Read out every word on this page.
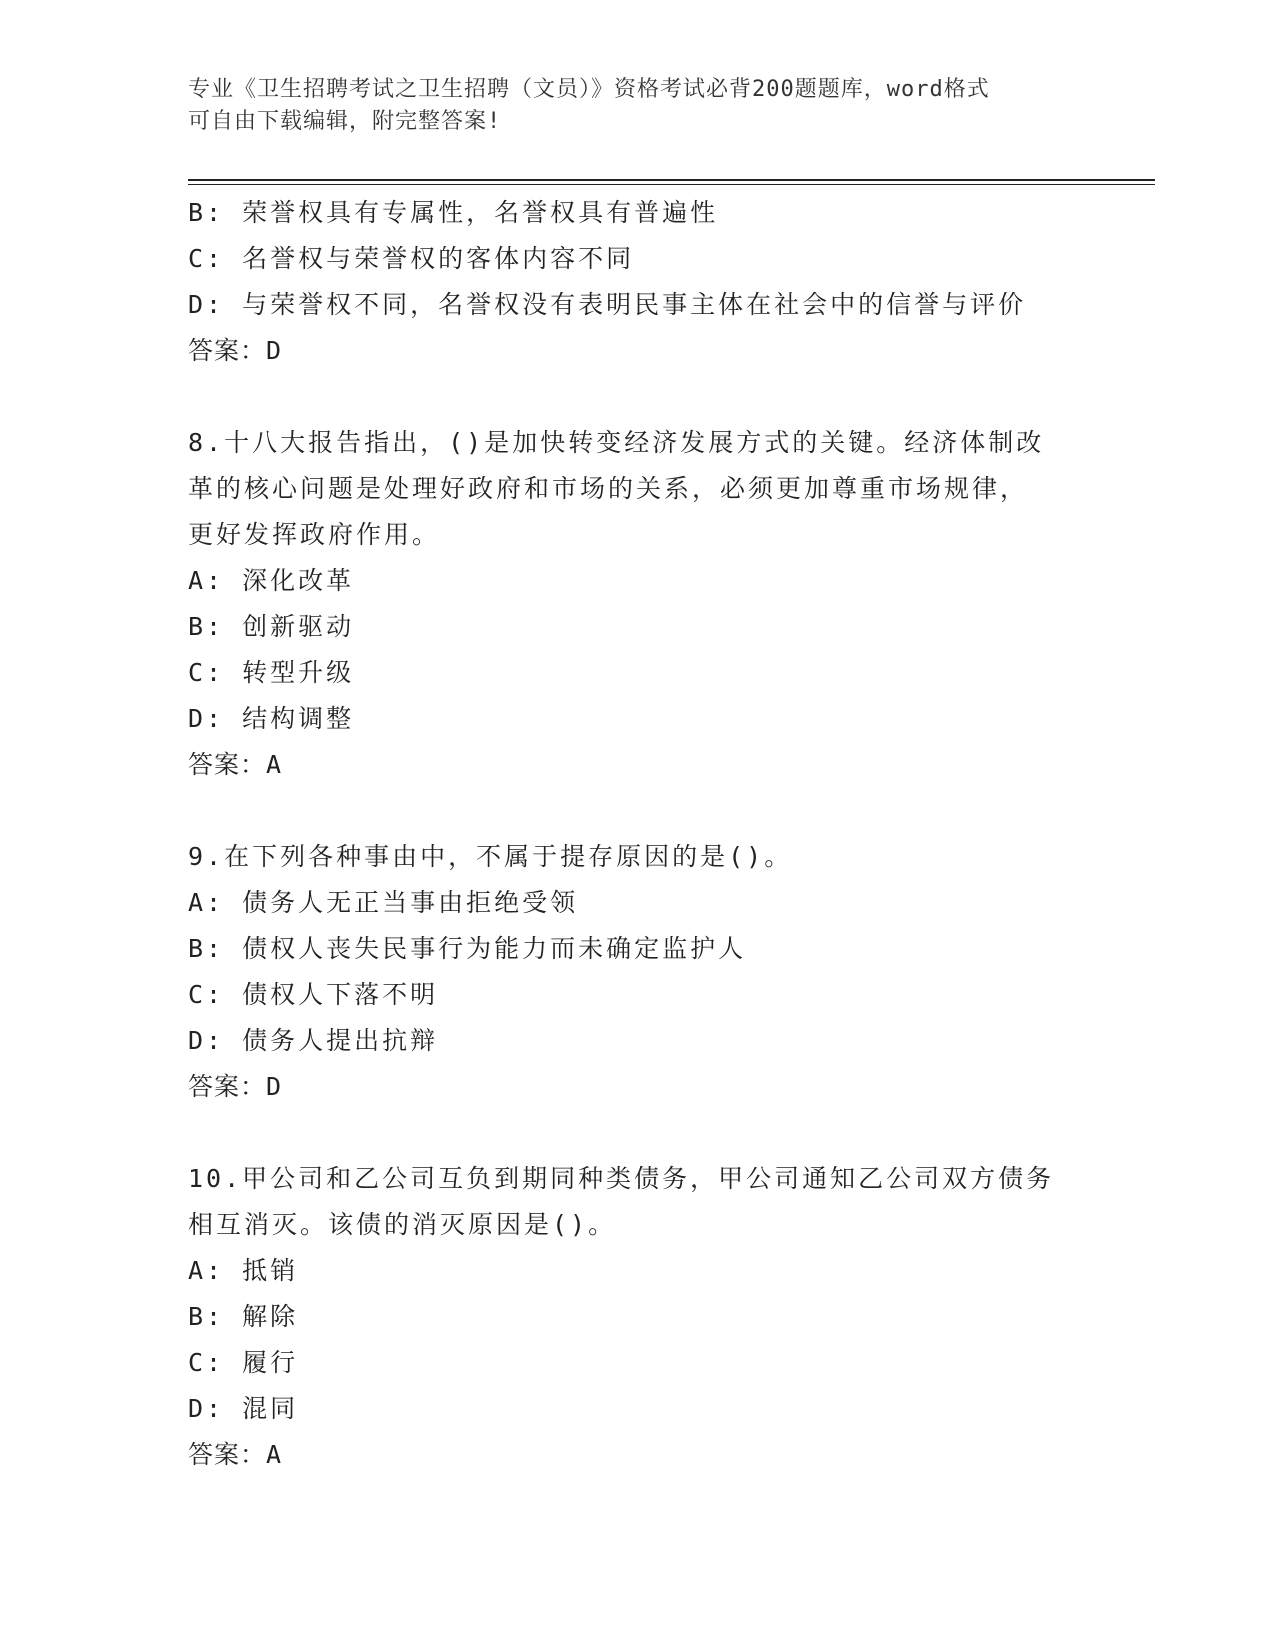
专业《卫生招聘考试之卫生招聘（文员）》资格考试必背200题题库，word格式
可自由下载编辑，附完整答案!
B: 荣誉权具有专属性，名誉权具有普遍性
C: 名誉权与荣誉权的客体内容不同
D: 与荣誉权不同，名誉权没有表明民事主体在社会中的信誉与评价
答案：D
8.十八大报告指出，()是加快转变经济发展方式的关键。经济体制改
革的核心问题是处理好政府和市场的关系，必须更加尊重市场规律，
更好发挥政府作用。
A: 深化改革
B: 创新驱动
C: 转型升级
D: 结构调整
答案：A
9.在下列各种事由中，不属于提存原因的是()。
A: 债务人无正当事由拒绝受领
B: 债权人丧失民事行为能力而未确定监护人
C: 债权人下落不明
D: 债务人提出抗辩
答案：D
10.甲公司和乙公司互负到期同种类债务，甲公司通知乙公司双方债务
相互消灭。该债的消灭原因是()。
A: 抵销
B: 解除
C: 履行
D: 混同
答案：A
